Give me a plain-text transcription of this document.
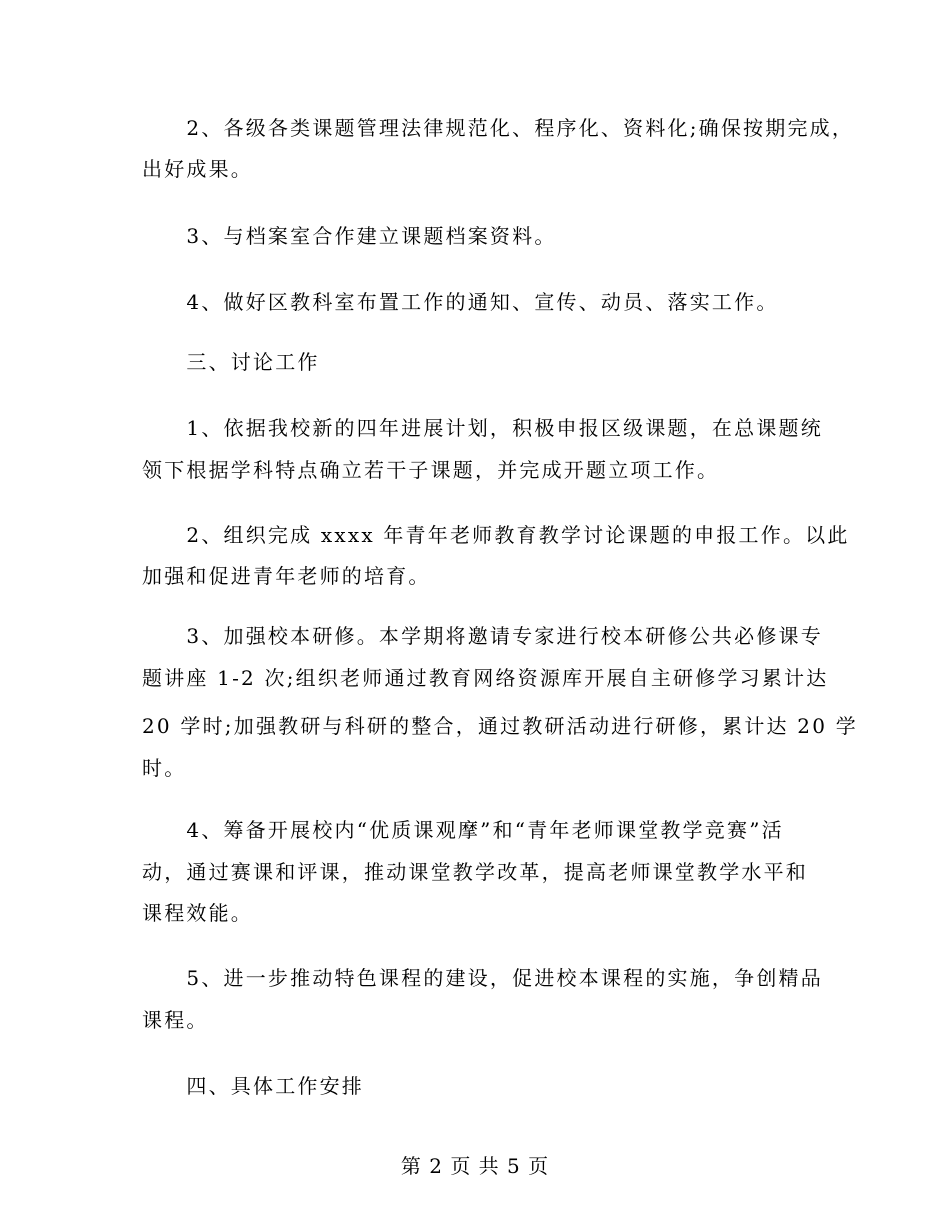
　　2、各级各类课题管理法律规范化、程序化、资料化;确保按期完成，
出好成果。
　　3、与档案室合作建立课题档案资料。
　　4、做好区教科室布置工作的通知、宣传、动员、落实工作。
　　三、讨论工作
　　1、依据我校新的四年进展计划，积极申报区级课题，在总课题统
领下根据学科特点确立若干子课题，并完成开题立项工作。
　　2、组织完成 xxxx 年青年老师教育教学讨论课题的申报工作。以此
加强和促进青年老师的培育。
　　3、加强校本研修。本学期将邀请专家进行校本研修公共必修课专
题讲座 1-2 次;组织老师通过教育网络资源库开展自主研修学习累计达
20 学时;加强教研与科研的整合，通过教研活动进行研修，累计达 20 学
时。
　　4、筹备开展校内“优质课观摩”和“青年老师课堂教学竞赛”活
动，通过赛课和评课，推动课堂教学改革，提高老师课堂教学水平和
课程效能。
　　5、进一步推动特色课程的建设，促进校本课程的实施，争创精品
课程。
　　四、具体工作安排
第 2 页 共 5 页
